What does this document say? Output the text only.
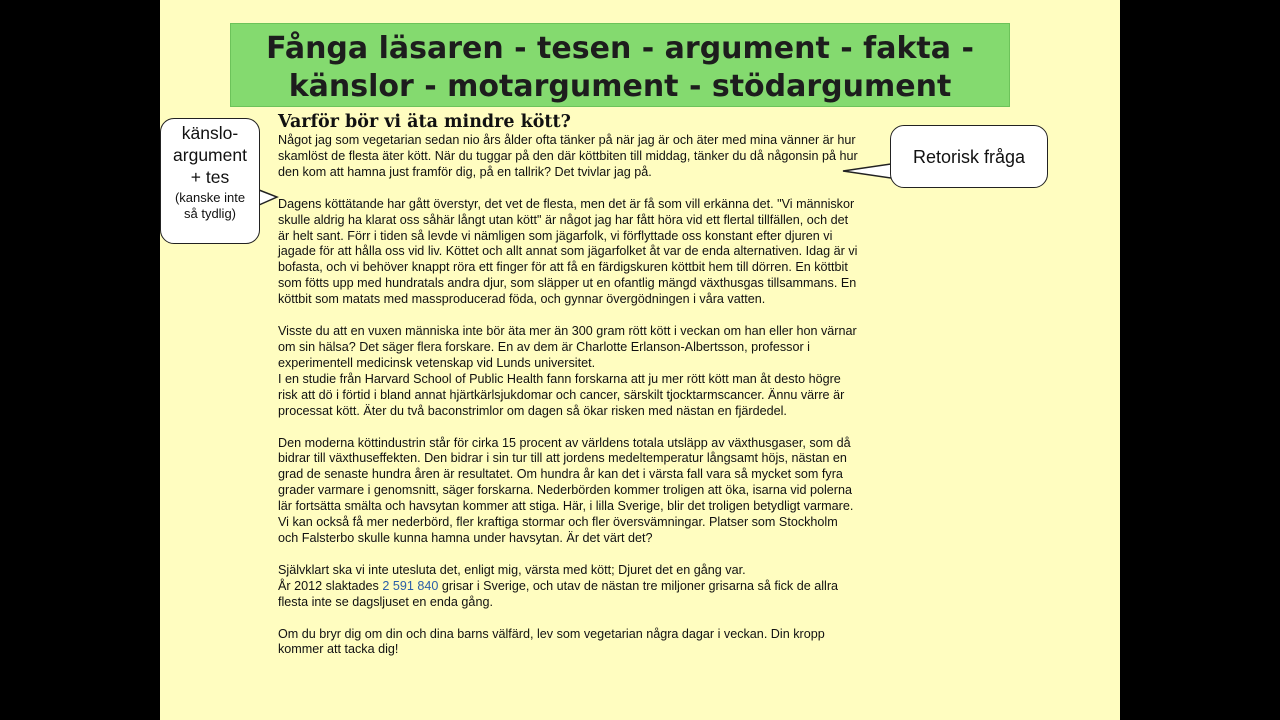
Fånga läsaren - tesen - argument - fakta -
känslor - motargument - stödargument
Varför bör vi äta mindre kött?

Något jag som vegetarian sedan nio års ålder ofta tänker på när jag är och äter med mina vänner är hur
skamlöst de flesta äter kött. När du tuggar på den där köttbiten till middag, tänker du då någonsin på hur
den kom att hamna just framför dig, på en tallrik? Det tvivlar jag på.

Dagens köttätande har gått överstyr, det vet de flesta, men det är få som vill erkänna det. "Vi människor
skulle aldrig ha klarat oss såhär långt utan kött" är något jag har fått höra vid ett flertal tillfällen, och det
är helt sant. Förr i tiden så levde vi nämligen som jägarfolk, vi förflyttade oss konstant efter djuren vi
jagade för att hålla oss vid liv. Köttet och allt annat som jägarfolket åt var de enda alternativen. Idag är vi
bofasta, och vi behöver knappt röra ett finger för att få en färdigskuren köttbit hem till dörren. En köttbit
som fötts upp med hundratals andra djur, som släpper ut en ofantlig mängd växthusgas tillsammans. En
köttbit som matats med massproducerad föda, och gynnar övergödningen i våra vatten.

Visste du att en vuxen människa inte bör äta mer än 300 gram rött kött i veckan om han eller hon värnar
om sin hälsa? Det säger flera forskare. En av dem är Charlotte Erlanson-Albertsson, professor i
experimentell medicinsk vetenskap vid Lunds universitet.
I en studie från Harvard School of Public Health fann forskarna att ju mer rött kött man åt desto högre
risk att dö i förtid i bland annat hjärtkärlsjukdomar och cancer, särskilt tjocktarmscancer. Ännu värre är
processat kött. Äter du två baconstrimlor om dagen så ökar risken med nästan en fjärdedel.

Den moderna köttindustrin står för cirka 15 procent av världens totala utsläpp av växthusgaser, som då
bidrar till växthuseffekten. Den bidrar i sin tur till att jordens medeltemperatur långsamt höjs, nästan en
grad de senaste hundra åren är resultatet. Om hundra år kan det i värsta fall vara så mycket som fyra
grader varmare i genomsnitt, säger forskarna. Nederbörden kommer troligen att öka, isarna vid polerna
lär fortsätta smälta och havsytan kommer att stiga. Här, i lilla Sverige, blir det troligen betydligt varmare.
Vi kan också få mer nederbörd, fler kraftiga stormar och fler översvämningar. Platser som Stockholm
och Falsterbo skulle kunna hamna under havsytan. Är det värt det?

Självklart ska vi inte utesluta det, enligt mig, värsta med kött; Djuret det en gång var.
År 2012 slaktades 2 591 840 grisar i Sverige, och utav de nästan tre miljoner grisarna så fick de allra
flesta inte se dagsljuset en enda gång.

Om du bryr dig om din och dina barns välfärd, lev som vegetarian några dagar i veckan. Din kropp
kommer att tacka dig!

känslo-
argument
+ tes
(kanske inte
så tydlig)
Retorisk fråga
